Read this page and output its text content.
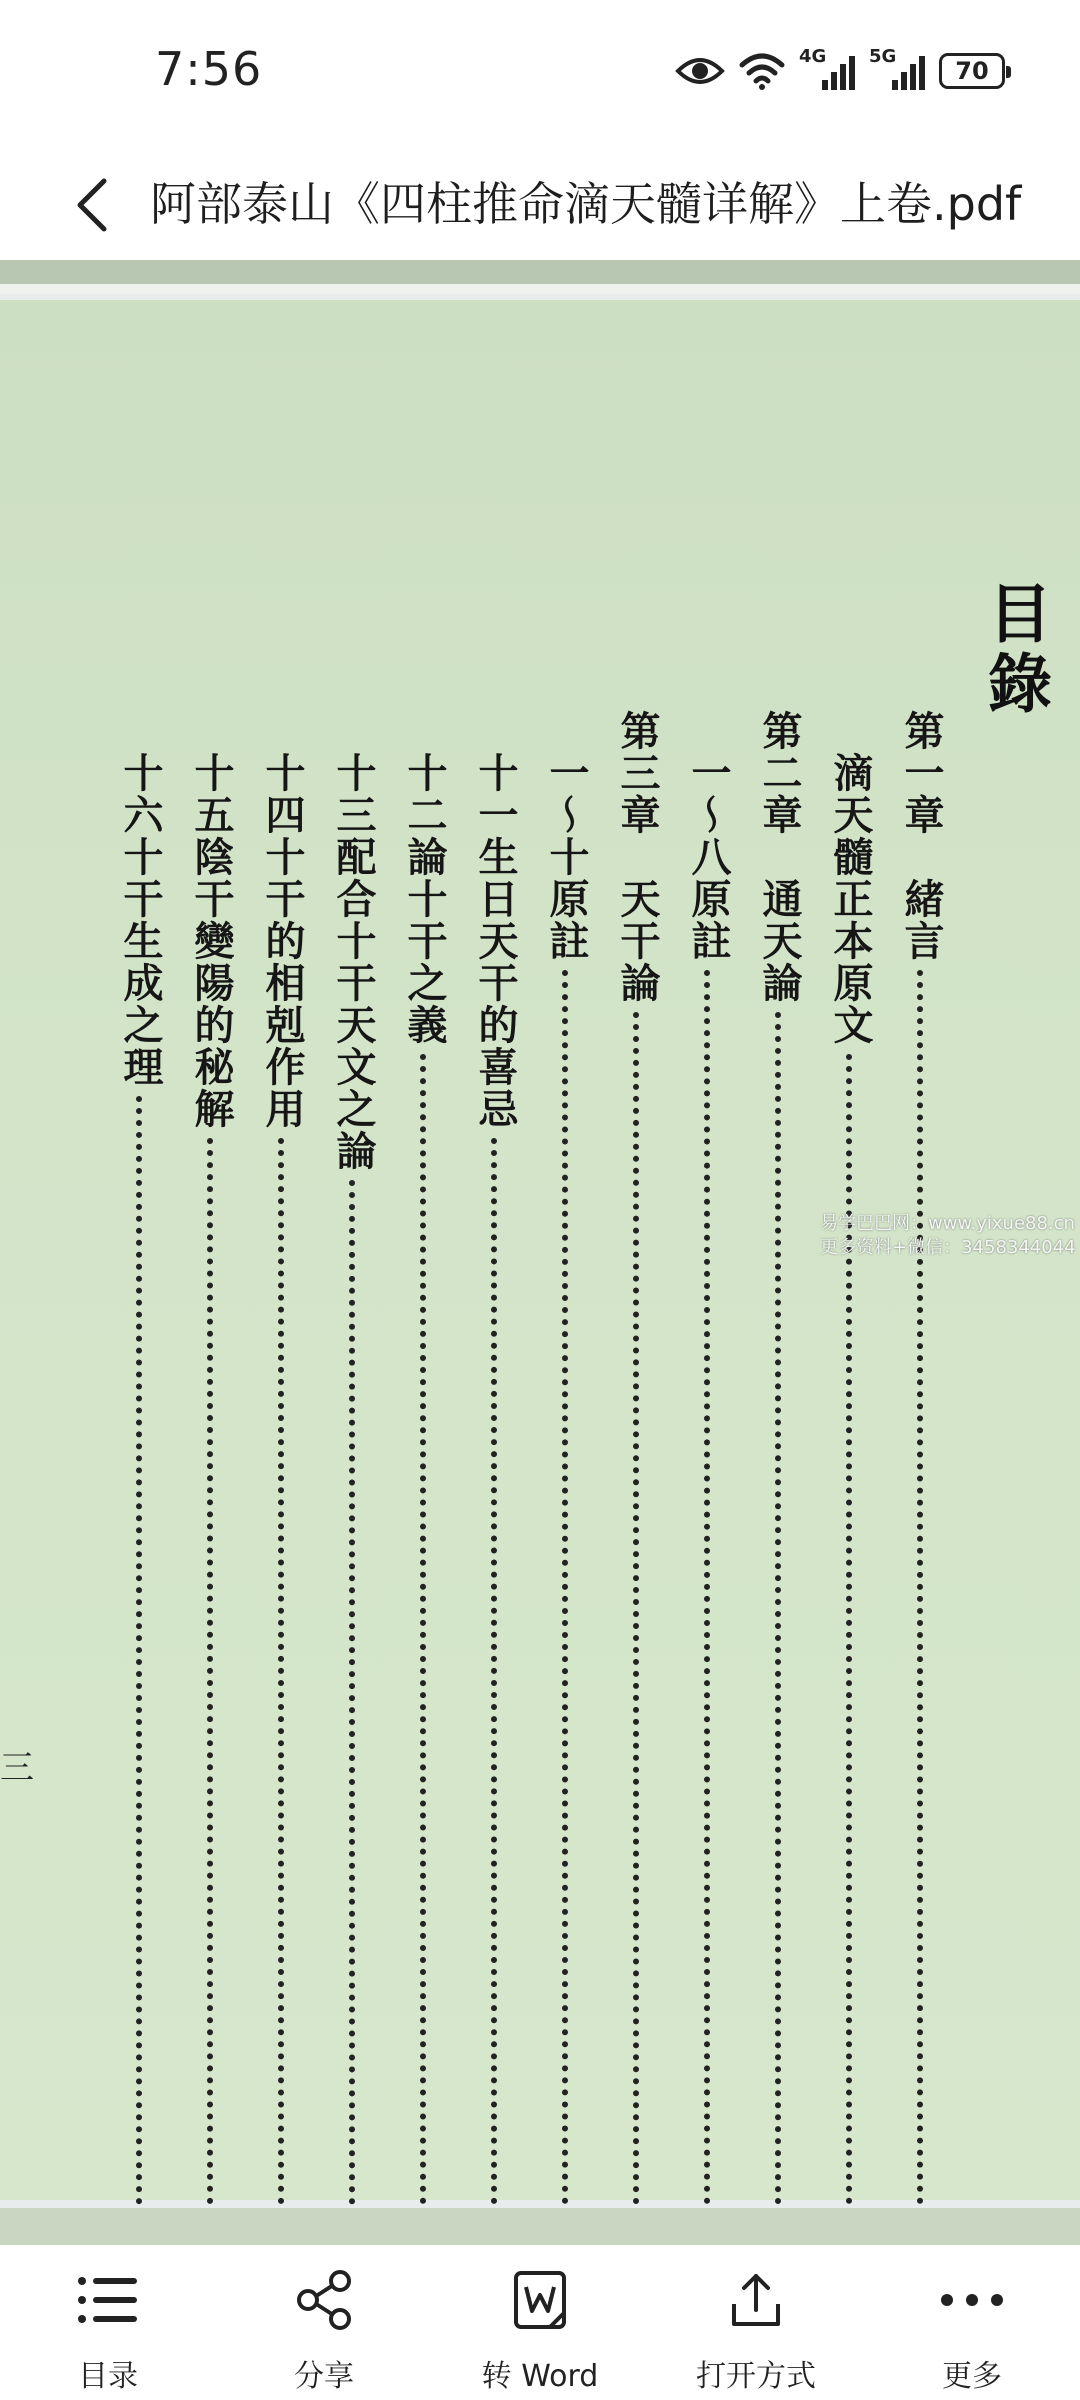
7:56	4G 5G
70
阿部泰山《四柱推命滴天髓详解》上卷.pdf
目錄
第一章　緒言
　滴天髓正本原文
第二章　通天論
　一～八原註
第三章　天干論
　一～十原註
　十一生日天干的喜忌
　十二論十干之義
　十三配合十干天文之論
　十四十干的相剋作用
　十五陰干變陽的秘解
　十六十干生成之理
三
易学巴巴网：www.yixue88.cn
更多资料+微信：3458344044
目录	分享	转 Word	打开方式	更多
